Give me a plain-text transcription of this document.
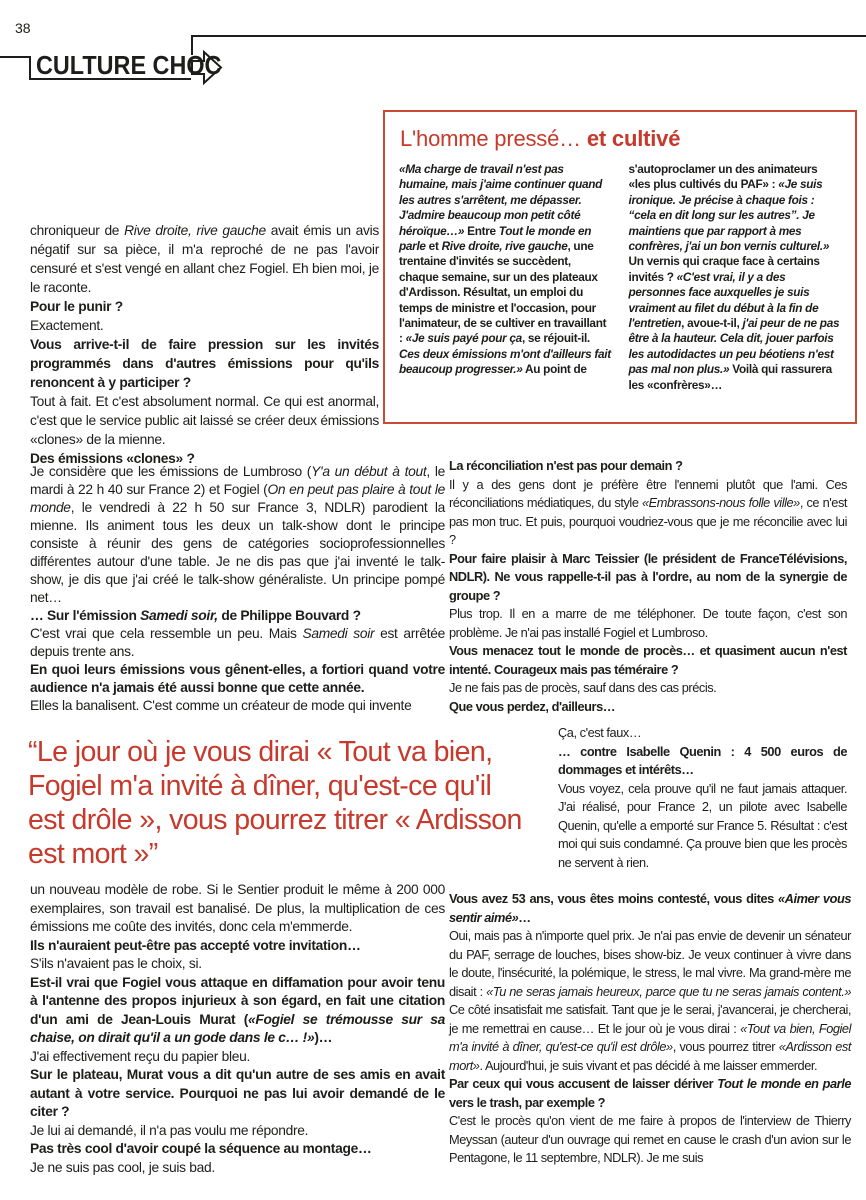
38
CULTURE CHOC
L'homme pressé… et cultivé

«Ma charge de travail n'est pas humaine, mais j'aime continuer quand les autres s'arrêtent, me dépasser. J'admire beaucoup mon petit côté héroïque…» Entre Tout le monde en parle et Rive droite, rive gauche, une trentaine d'invités se succèdent, chaque semaine, sur un des plateaux d'Ardisson. Résultat, un emploi du temps de ministre et l'occasion, pour l'animateur, de se cultiver en travaillant : «Je suis payé pour ça, se réjouit-il. Ces deux émissions m'ont d'ailleurs fait beaucoup progresser.» Au point de

s'autoproclamer un des animateurs «les plus cultivés du PAF» : «Je suis ironique. Je précise à chaque fois : “cela en dit long sur les autres”. Je maintiens que par rapport à mes confrères, j'ai un bon vernis culturel.» Un vernis qui craque face à certains invités ? «C'est vrai, il y a des personnes face auxquelles je suis vraiment au filet du début à la fin de l'entretien, avoue-t-il, j'ai peur de ne pas être à la hauteur. Cela dit, jouer parfois les autodidactes un peu béotiens n'est pas mal non plus.» Voilà qui rassurera les «confrères»…

chroniqueur de Rive droite, rive gauche avait émis un avis négatif sur sa pièce, il m'a reproché de ne pas l'avoir censuré et s'est vengé en allant chez Fogiel. Eh bien moi, je le raconte.

Pour le punir ?

Exactement.

Vous arrive-t-il de faire pression sur les invités programmés dans d'autres émissions pour qu'ils renoncent à y participer ?

Tout à fait. Et c'est absolument normal. Ce qui est anormal, c'est que le service public ait laissé se créer deux émissions «clones» de la mienne.

Des émissions «clones» ?

Je considère que les émissions de Lumbroso (Y'a un début à tout, le mardi à 22 h 40 sur France 2) et Fogiel (On en peut pas plaire à tout le monde, le vendredi à 22 h 50 sur France 3, NDLR) parodient la mienne. Ils animent tous les deux un talk-show dont le principe consiste à réunir des gens de catégories socioprofessionnelles différentes autour d'une table. Je ne dis pas que j'ai inventé le talk-show, je dis que j'ai créé le talk-show généraliste. Un principe pompé net…

… Sur l'émission Samedi soir, de Philippe Bouvard ?

C'est vrai que cela ressemble un peu. Mais Samedi soir est arrêtée depuis trente ans.

En quoi leurs émissions vous gênent-elles, a fortiori quand votre audience n'a jamais été aussi bonne que cette année.

Elles la banalisent. C'est comme un créateur de mode qui invente

“Le jour où je vous dirai « Tout va bien,

Fogiel m'a invité à dîner, qu'est-ce qu'il

est drôle », vous pourrez titrer « Ardisson

est mort »”

un nouveau modèle de robe. Si le Sentier produit le même à 200 000 exemplaires, son travail est banalisé. De plus, la multiplication de ces émissions me coûte des invités, donc cela m'emmerde.

Ils n'auraient peut-être pas accepté votre invitation…

S'ils n'avaient pas le choix, si.

Est-il vrai que Fogiel vous attaque en diffamation pour avoir tenu à l'antenne des propos injurieux à son égard, en fait une citation d'un ami de Jean-Louis Murat («Fogiel se trémousse sur sa chaise, on dirait qu'il a un gode dans le c… !»)…

J'ai effectivement reçu du papier bleu.

Sur le plateau, Murat vous a dit qu'un autre de ses amis en avait autant à votre service. Pourquoi ne pas lui avoir demandé de le citer ?

Je lui ai demandé, il n'a pas voulu me répondre.

Pas très cool d'avoir coupé la séquence au montage…

Je ne suis pas cool, je suis bad.

La réconciliation n'est pas pour demain ?

Il y a des gens dont je préfère être l'ennemi plutôt que l'ami. Ces réconciliations médiatiques, du style «Embrassons-nous folle ville», ce n'est pas mon truc. Et puis, pourquoi voudriez-vous que je me réconcilie avec lui ?

Pour faire plaisir à Marc Teissier (le président de FranceTélévisions, NDLR). Ne vous rappelle-t-il pas à l'ordre, au nom de la synergie de groupe ?

Plus trop. Il en a marre de me téléphoner. De toute façon, c'est son problème. Je n'ai pas installé Fogiel et Lumbroso.

Vous menacez tout le monde de procès… et quasiment aucun n'est intenté. Courageux mais pas téméraire ?

Je ne fais pas de procès, sauf dans des cas précis.

Que vous perdez, d'ailleurs…

Ça, c'est faux…

… contre Isabelle Quenin : 4 500 euros de dommages et intérêts…

Vous voyez, cela prouve qu'il ne faut jamais attaquer. J'ai réalisé, pour France 2, un pilote avec Isabelle Quenin, qu'elle a emporté sur France 5. Résultat : c'est moi qui suis condamné. Ça prouve bien que les procès ne servent à rien.

Vous avez 53 ans, vous êtes moins contesté, vous dites «Aimer vous sentir aimé»…

Oui, mais pas à n'importe quel prix. Je n'ai pas envie de devenir un sénateur du PAF, serrage de louches, bises show-biz. Je veux continuer à vivre dans le doute, l'insécurité, la polémique, le stress, le mal vivre. Ma grand-mère me disait : «Tu ne seras jamais heureux, parce que tu ne seras jamais content.» Ce côté insatisfait me satisfait. Tant que je le serai, j'avancerai, je chercherai, je me remettrai en cause… Et le jour où je vous dirai : «Tout va bien, Fogiel m'a invité à dîner, qu'est-ce qu'il est drôle», vous pourrez titrer «Ardisson est mort». Aujourd'hui, je suis vivant et pas décidé à me laisser emmerder.

Par ceux qui vous accusent de laisser dériver Tout le monde en parle vers le trash, par exemple ?

C'est le procès qu'on vient de me faire à propos de l'interview de Thierry Meyssan (auteur d'un ouvrage qui remet en cause le crash d'un avion sur le Pentagone, le 11 septembre, NDLR). Je me suis
